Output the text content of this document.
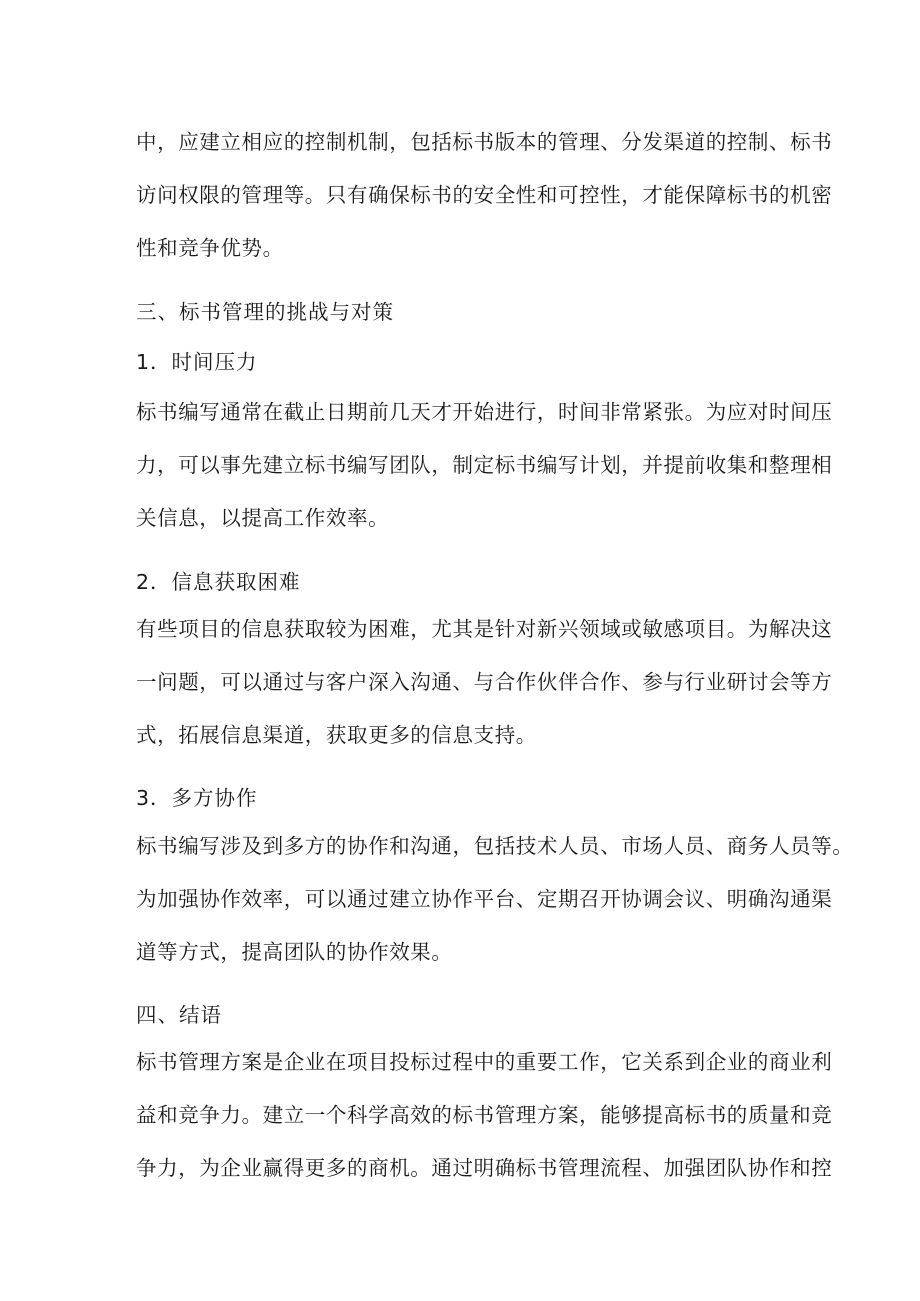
中，应建立相应的控制机制，包括标书版本的管理、分发渠道的控制、标书
访问权限的管理等。只有确保标书的安全性和可控性，才能保障标书的机密
性和竞争优势。
三、标书管理的挑战与对策
1．时间压力
标书编写通常在截止日期前几天才开始进行，时间非常紧张。为应对时间压
力，可以事先建立标书编写团队，制定标书编写计划，并提前收集和整理相
关信息，以提高工作效率。
2．信息获取困难
有些项目的信息获取较为困难，尤其是针对新兴领域或敏感项目。为解决这
一问题，可以通过与客户深入沟通、与合作伙伴合作、参与行业研讨会等方
式，拓展信息渠道，获取更多的信息支持。
3．多方协作
标书编写涉及到多方的协作和沟通，包括技术人员、市场人员、商务人员等。
为加强协作效率，可以通过建立协作平台、定期召开协调会议、明确沟通渠
道等方式，提高团队的协作效果。
四、结语
标书管理方案是企业在项目投标过程中的重要工作，它关系到企业的商业利
益和竞争力。建立一个科学高效的标书管理方案，能够提高标书的质量和竞
争力，为企业赢得更多的商机。通过明确标书管理流程、加强团队协作和控
